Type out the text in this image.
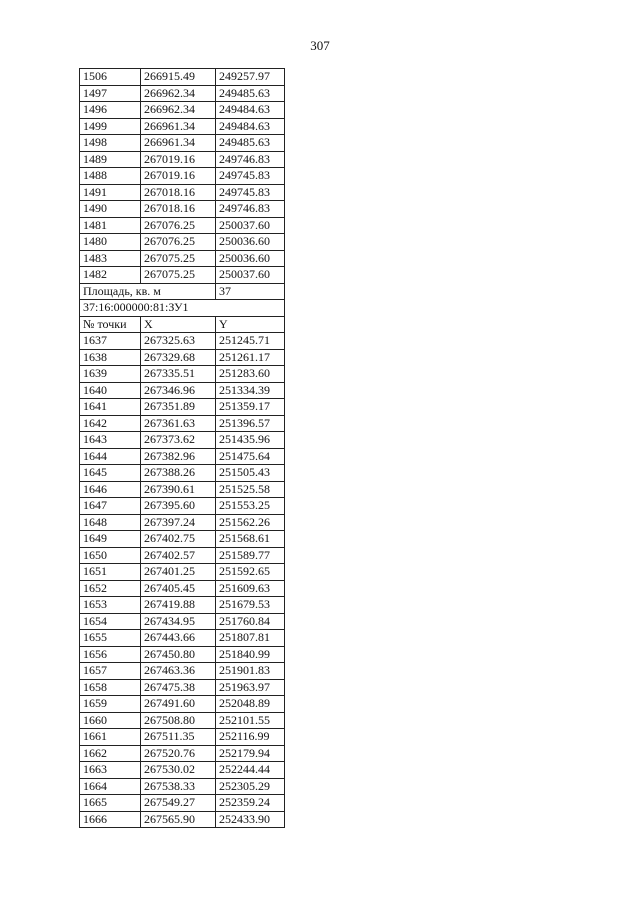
307
1506	266915.49	249257.97
1497	266962.34	249485.63
1496	266962.34	249484.63
1499	266961.34	249484.63
1498	266961.34	249485.63
1489	267019.16	249746.83
1488	267019.16	249745.83
1491	267018.16	249745.83
1490	267018.16	249746.83
1481	267076.25	250037.60
1480	267076.25	250036.60
1483	267075.25	250036.60
1482	267075.25	250037.60
Площадь, кв. м		37
37:16:000000:81:ЗУ1		
№ точки	X	Y
1637	267325.63	251245.71
1638	267329.68	251261.17
1639	267335.51	251283.60
1640	267346.96	251334.39
1641	267351.89	251359.17
1642	267361.63	251396.57
1643	267373.62	251435.96
1644	267382.96	251475.64
1645	267388.26	251505.43
1646	267390.61	251525.58
1647	267395.60	251553.25
1648	267397.24	251562.26
1649	267402.75	251568.61
1650	267402.57	251589.77
1651	267401.25	251592.65
1652	267405.45	251609.63
1653	267419.88	251679.53
1654	267434.95	251760.84
1655	267443.66	251807.81
1656	267450.80	251840.99
1657	267463.36	251901.83
1658	267475.38	251963.97
1659	267491.60	252048.89
1660	267508.80	252101.55
1661	267511.35	252116.99
1662	267520.76	252179.94
1663	267530.02	252244.44
1664	267538.33	252305.29
1665	267549.27	252359.24
1666	267565.90	252433.90
